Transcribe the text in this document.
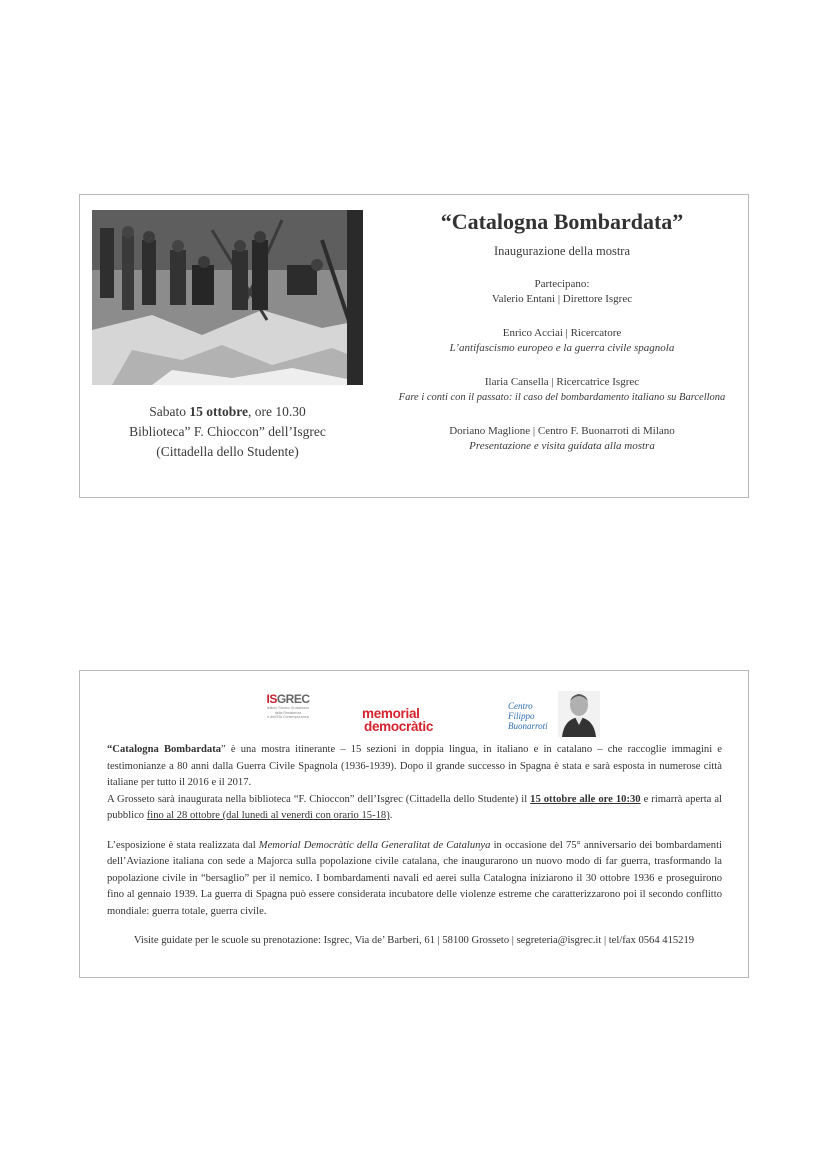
Sabato 15 ottobre, ore 10.30
Biblioteca” F. Chioccon” dell’Isgrec
(Cittadella dello Studente)
“Catalogna Bombardata”
Inaugurazione della mostra
Partecipano:
Valerio Entani | Direttore Isgrec
Enrico Acciai | Ricercatore
L’antifascismo europeo e la guerra civile spagnola
Ilaria Cansella | Ricercatrice Isgrec
Fare i conti con il passato: il caso del bombardamento italiano su Barcellona
Doriano Maglione | Centro F. Buonarroti di Milano
Presentazione e visita guidata alla mostra
ISGREC
Istituto Storico Grossetano
della Resistenza
e dell'Età Contemporanea	memorial
democràtic
Centro
Filippo
Buonarroti

“Catalogna Bombardata” è una mostra itinerante – 15 sezioni in doppia lingua, in italiano e in catalano – che raccoglie immagini e testimonianze a 80 anni dalla Guerra Civile Spagnola (1936-1939). Dopo il grande successo in Spagna è stata e sarà esposta in numerose città italiane per tutto il 2016 e il 2017.

A Grosseto sarà inaugurata nella biblioteca “F. Chioccon” dell’Isgrec (Cittadella dello Studente) il 15 ottobre alle ore 10:30 e rimarrà aperta al pubblico fino al 28 ottobre (dal lunedì al venerdì con orario 15-18).

L’esposizione è stata realizzata dal Memorial Democràtic della Generalitat de Catalunya in occasione del 75° anniversario dei bombardamenti dell’Aviazione italiana con sede a Majorca sulla popolazione civile catalana, che inaugurarono un nuovo modo di far guerra, trasformando la popolazione civile in “bersaglio” per il nemico. I bombardamenti navali ed aerei sulla Catalogna iniziarono il 30 ottobre 1936 e proseguirono fino al gennaio 1939. La guerra di Spagna può essere considerata incubatore delle violenze estreme che caratterizzarono poi il secondo conflitto mondiale: guerra totale, guerra civile.

Visite guidate per le scuole su prenotazione: Isgrec, Via de’ Barberi, 61 | 58100 Grosseto | segreteria@isgrec.it | tel/fax 0564 415219
